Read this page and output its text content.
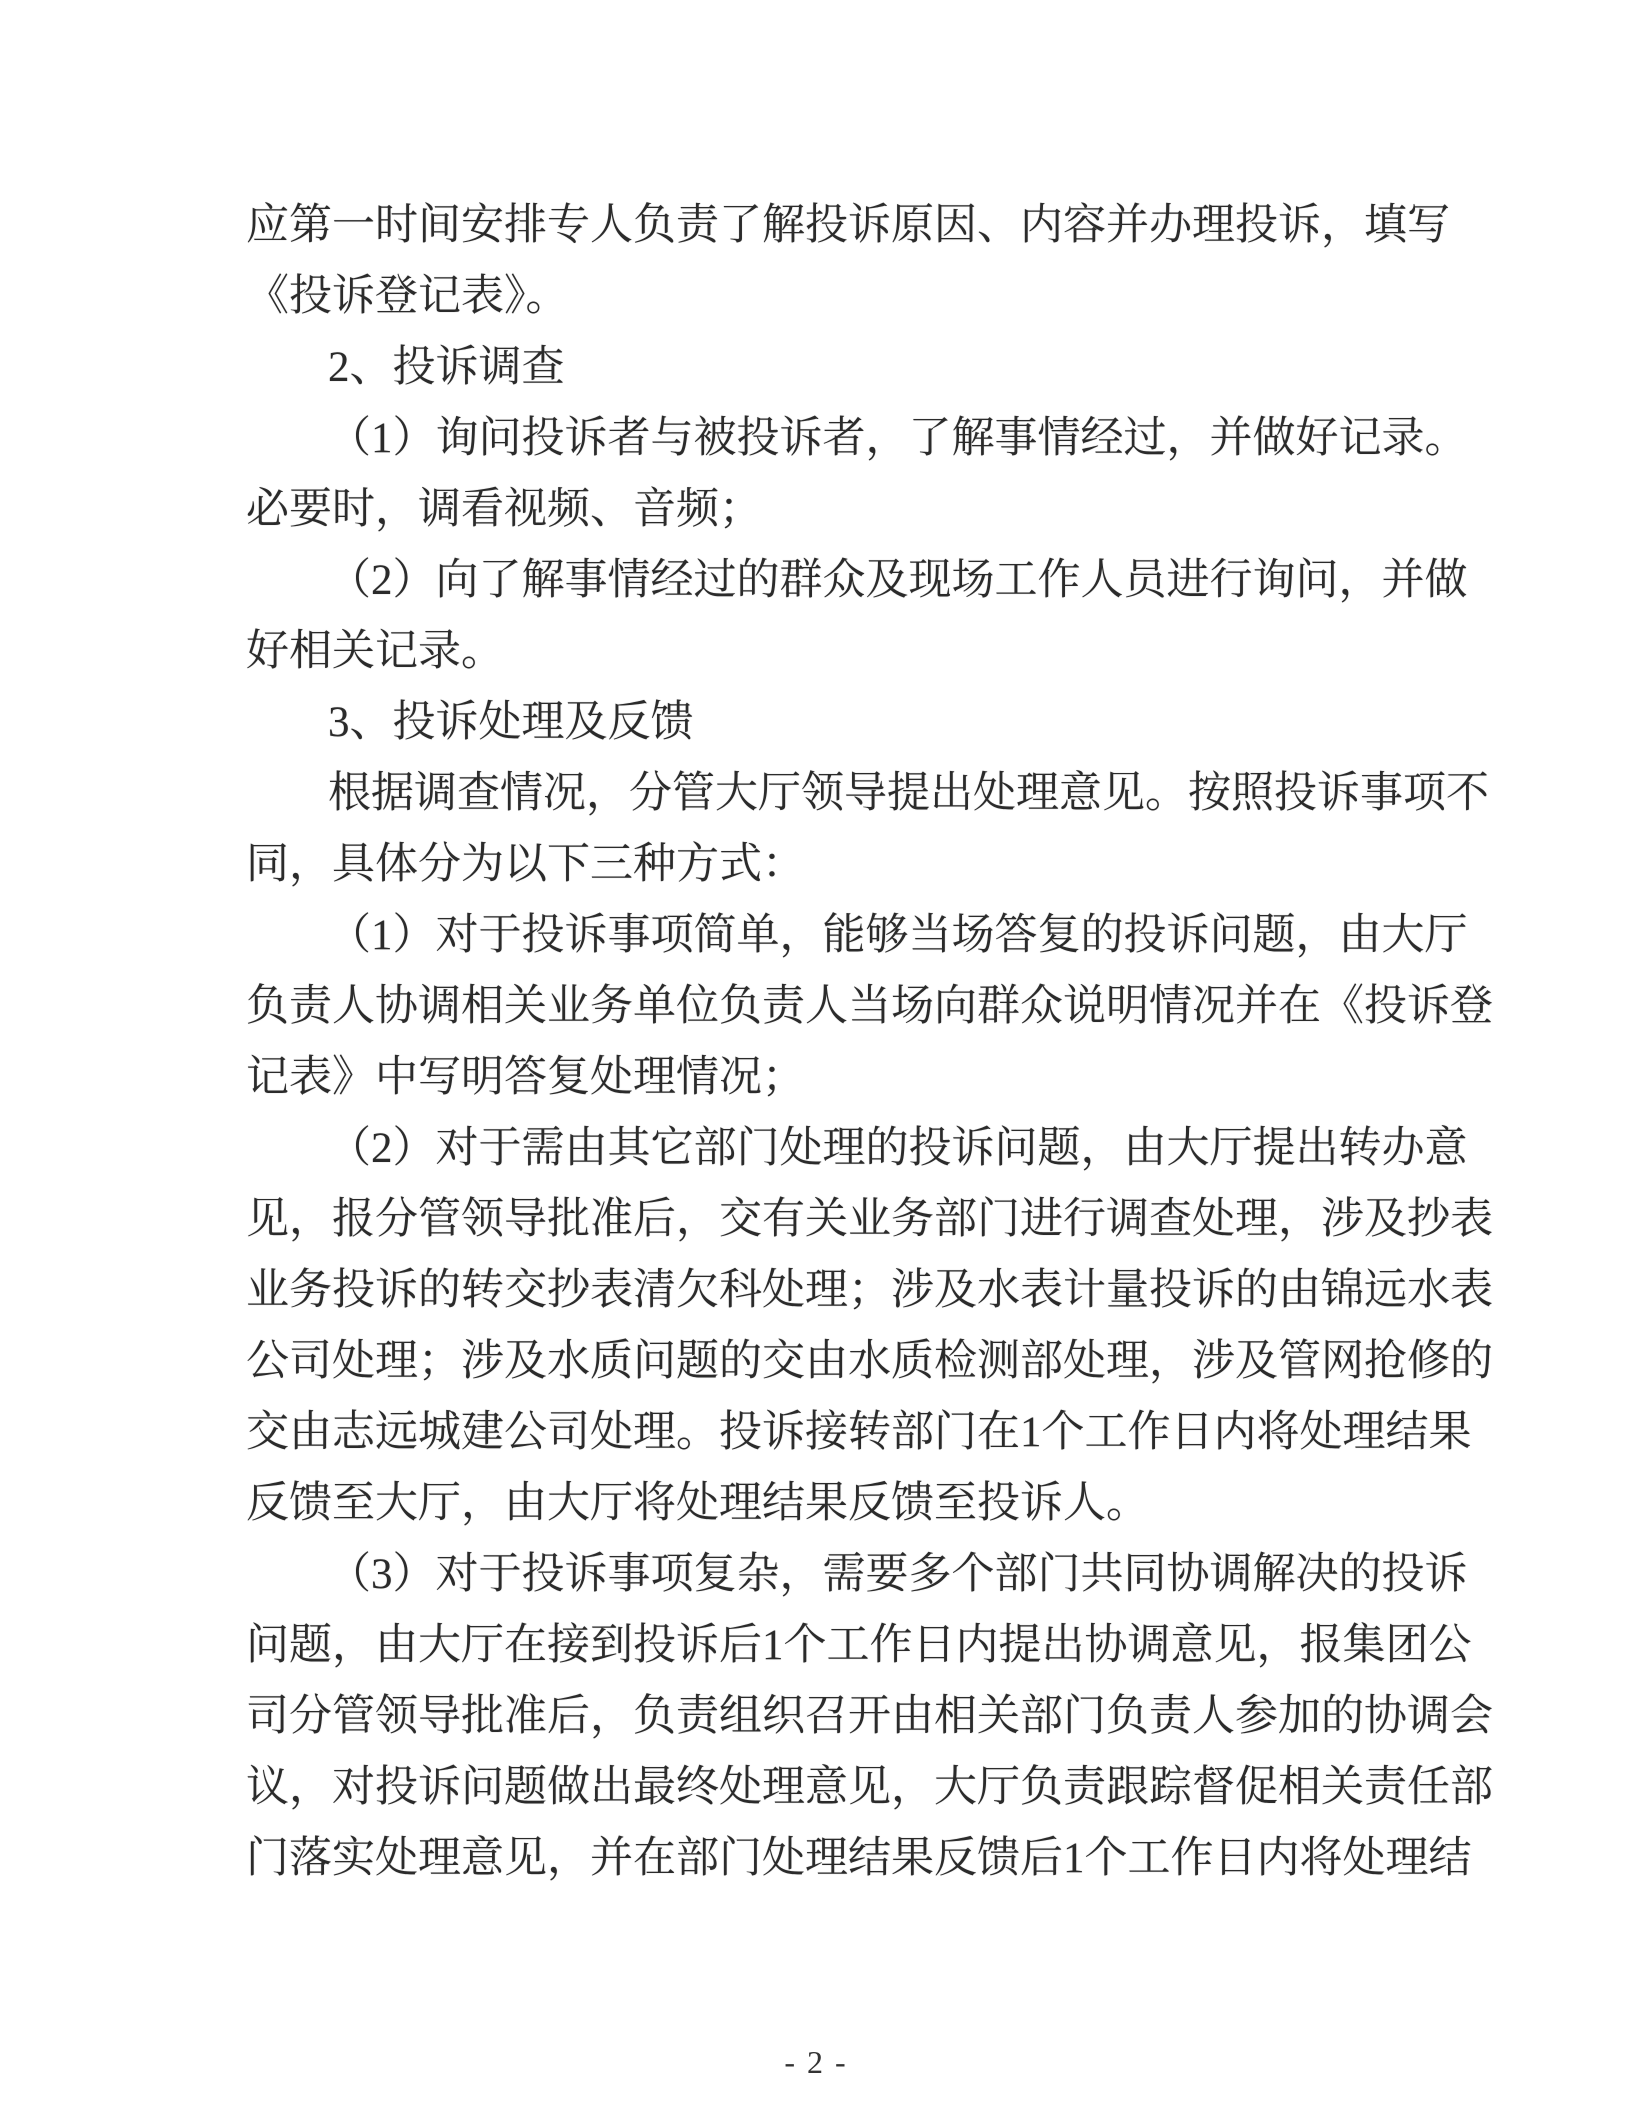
应 第 一 时 间 安 排 专 人 负 责 了 解 投 诉 原 因 、 内 容 并 办 理 投 诉 ， 填 写
《投诉登记表》。
2、投诉调查
（ 1 ） 询 问 投 诉 者 与 被 投 诉 者 ， 了 解 事 情 经 过 ， 并 做 好 记 录 。
必要时，调看视频、音频；
（ 2 ） 向 了 解 事 情 经 过 的 群 众 及 现 场 工 作 人 员 进 行 询 问 ， 并 做
好相关记录。
3、投诉处理及反馈
根 据 调 查 情 况 ， 分 管 大 厅 领 导 提 出 处 理 意 见 。 按 照 投 诉 事 项 不
同，具体分为以下三种方式：
（ 1 ） 对 于 投 诉 事 项 简 单 ， 能 够 当 场 答 复 的 投 诉 问 题 ， 由 大 厅
负 责 人 协 调 相 关 业 务 单 位 负 责 人 当 场 向 群 众 说 明 情 况 并 在 《 投 诉 登
记表》中写明答复处理情况；
（ 2 ） 对 于 需 由 其 它 部 门 处 理 的 投 诉 问 题 ， 由 大 厅 提 出 转 办 意
见 ， 报 分 管 领 导 批 准 后 ， 交 有 关 业 务 部 门 进 行 调 查 处 理 ， 涉 及 抄 表
业 务 投 诉 的 转 交 抄 表 清 欠 科 处 理 ； 涉 及 水 表 计 量 投 诉 的 由 锦 远 水 表
公 司 处 理 ； 涉 及 水 质 问 题 的 交 由 水 质 检 测 部 处 理 ， 涉 及 管 网 抢 修 的
交 由 志 远 城 建 公 司 处 理 。 投 诉 接 转 部 门 在 1 个 工 作 日 内 将 处 理 结 果
反馈至大厅，由大厅将处理结果反馈至投诉人。
（ 3 ） 对 于 投 诉 事 项 复 杂 ， 需 要 多 个 部 门 共 同 协 调 解 决 的 投 诉
问 题 ， 由 大 厅 在 接 到 投 诉 后 1 个 工 作 日 内 提 出 协 调 意 见 ， 报 集 团 公
司 分 管 领 导 批 准 后 ， 负 责 组 织 召 开 由 相 关 部 门 负 责 人 参 加 的 协 调 会
议 ， 对 投 诉 问 题 做 出 最 终 处 理 意 见 ， 大 厅 负 责 跟 踪 督 促 相 关 责 任 部
门 落 实 处 理 意 见 ， 并 在 部 门 处 理 结 果 反 馈 后 1 个 工 作 日 内 将 处 理 结
- 2 -
